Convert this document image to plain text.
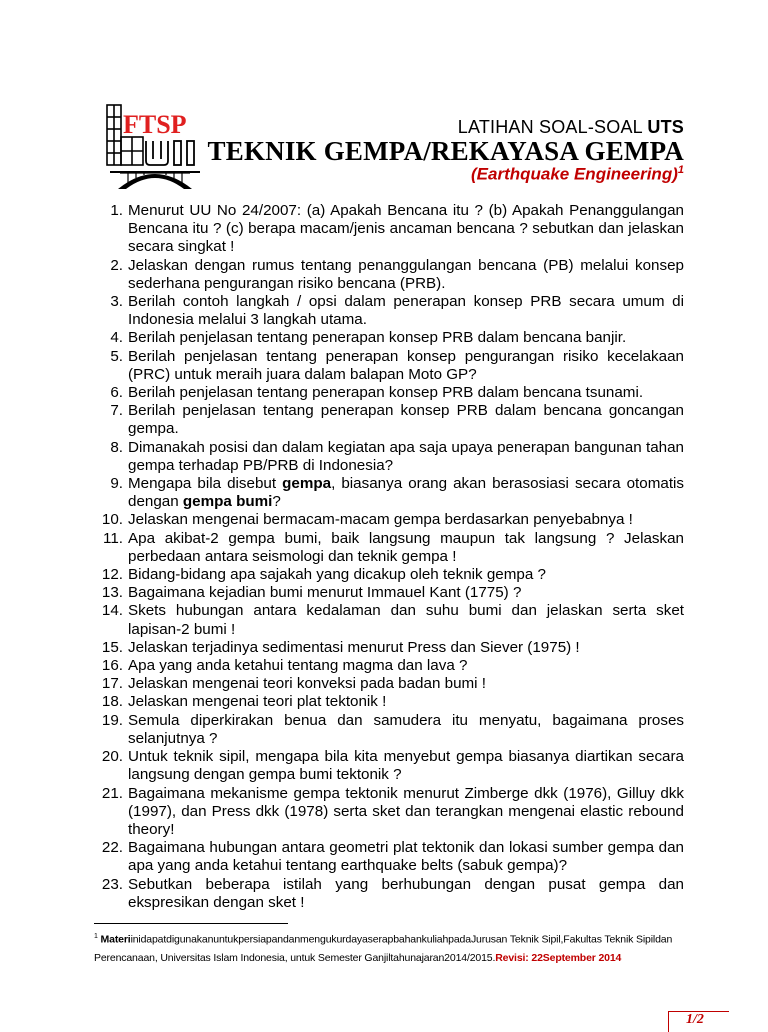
FTSP	LATIHAN SOAL-SOAL UTS
TEKNIK GEMPA/REKAYASA GEMPA
(Earthquake Engineering)$^1$
1. Menurut UU No 24/2007: (a) Apakah Bencana itu ? (b) Apakah Penanggulangan Bencana itu ? (c) berapa macam/jenis ancaman bencana ? sebutkan dan jelaskan secara singkat !
2. Jelaskan dengan rumus tentang penanggulangan bencana (PB) melalui konsep sederhana pengurangan risiko bencana (PRB).
3. Berilah contoh langkah / opsi dalam penerapan konsep PRB secara umum di Indonesia melalui 3 langkah utama.
4. Berilah penjelasan tentang penerapan konsep PRB dalam bencana banjir.
5. Berilah penjelasan tentang penerapan konsep pengurangan risiko kecelakaan (PRC) untuk meraih juara dalam balapan Moto GP?
6. Berilah penjelasan tentang penerapan konsep PRB dalam bencana tsunami.
7. Berilah penjelasan tentang penerapan konsep PRB dalam bencana goncangan gempa.
8. Dimanakah posisi dan dalam kegiatan apa saja upaya penerapan bangunan tahan gempa terhadap PB/PRB di Indonesia?
9. Mengapa bila disebut gempa, biasanya orang akan berasosiasi secara otomatis dengan gempa bumi?
10. Jelaskan mengenai bermacam-macam gempa berdasarkan penyebabnya !
11. Apa akibat-2 gempa bumi, baik langsung maupun tak langsung ? Jelaskan perbedaan antara seismologi dan teknik gempa !
12. Bidang-bidang apa sajakah yang dicakup oleh teknik gempa ?
13. Bagaimana kejadian bumi menurut Immauel Kant (1775) ?
14. Skets hubungan antara kedalaman dan suhu bumi dan jelaskan serta sket lapisan-2 bumi !
15. Jelaskan terjadinya sedimentasi menurut Press dan Siever (1975) !
16. Apa yang anda ketahui tentang magma dan lava ?
17. Jelaskan mengenai teori konveksi pada badan bumi !
18. Jelaskan mengenai teori plat tektonik !
19. Semula diperkirakan benua dan samudera itu menyatu, bagaimana proses selanjutnya ?
20. Untuk teknik sipil, mengapa bila kita menyebut gempa biasanya diartikan secara langsung dengan gempa bumi tektonik ?
21. Bagaimana mekanisme gempa tektonik menurut Zimberge dkk (1976), Gilluy dkk (1997), dan Press dkk (1978) serta sket dan terangkan mengenai elastic rebound theory!
22. Bagaimana hubungan antara geometri plat tektonik dan lokasi sumber gempa dan apa yang anda ketahui tentang earthquake belts (sabuk gempa)?
23. Sebutkan beberapa istilah yang berhubungan dengan pusat gempa dan ekspresikan dengan sket !
$^1$ MateriinidapatdigunakanuntukpersiapandanmengukurdayaserapbahankuliahpadaJurusan Teknik Sipil,Fakultas Teknik Sipildan
Perencanaan, Universitas Islam Indonesia, untuk Semester Ganjiltahunajaran2014/2015.Revisi: 22September 2014
1/2
